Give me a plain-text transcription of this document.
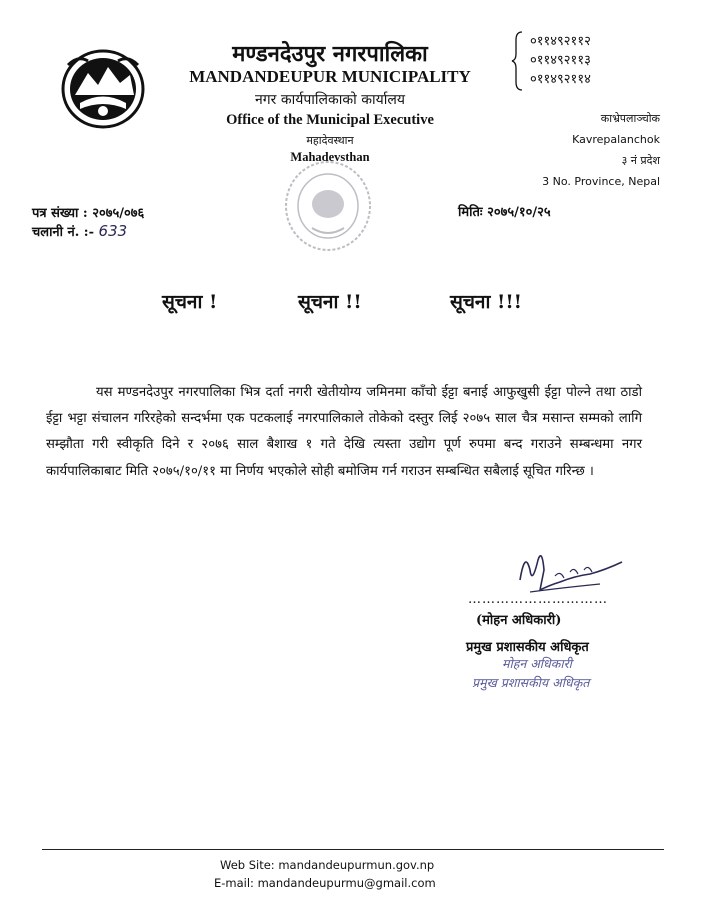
मण्डनदेउपुर नगरपालिका
MANDANDEUPUR MUNICIPALITY
नगर कार्यपालिकाको कार्यालय
Office of the Municipal Executive
महादेवस्थान
Mahadevsthan
०११४९२११२
०११४९२११३
०११४९२११४
काभ्रेपलाञ्चोक
Kavrepalanchok
३ नं प्रदेश
3 No. Province, Nepal
पत्र संख्या : २०७५/०७६
चलानी नं. :- 633
मितिः २०७५/१०/२५
सूचना !	सूचना !!	सूचना !!!
यस मण्डनदेउपुर नगरपालिका भित्र दर्ता नगरी खेतीयोग्य जमिनमा काँचो ईट्टा बनाई आफुखुसी ईट्टा पोल्ने तथा ठाडो ईट्टा भट्टा संचालन गरिरहेको सन्दर्भमा एक पटकलाई नगरपालिकाले तोकेको दस्तुर लिई २०७५ साल चैत्र मसान्त सम्मको लागि सम्झौता गरी स्वीकृति दिने र २०७६ साल बैशाख १ गते देखि त्यस्ता उद्योग पूर्ण रुपमा बन्द गराउने सम्बन्धमा नगर कार्यपालिकाबाट मिति २०७५/१०/११ मा निर्णय भएकोले सोही बमोजिम गर्न गराउन सम्बन्धित सबैलाई सूचित गरिन्छ ।
…………………………
(मोहन अधिकारी)
प्रमुख प्रशासकीय अधिकृत
मोहन अधिकारी
प्रमुख प्रशासकीय अधिकृत
Web Site: mandandeupurmun.gov.np
E-mail: mandandeupurmu@gmail.com
